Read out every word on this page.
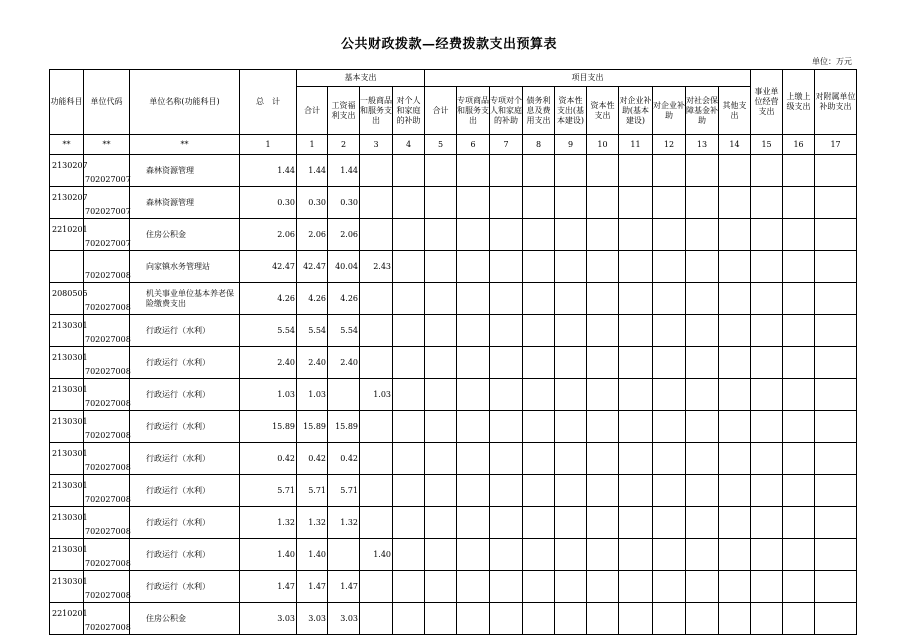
公共财政拨款—经费拨款支出预算表
单位：万元
功能科目	单位代码	单位名称(功能科目)	总　计	基本支出				项目支出										事业单位经营支出	上缴上级支出	对附属单位补助支出
				合计	工资福利支出	一般商品和服务支出	对个人和家庭的补助	合计	专项商品和服务支出	专项对个人和家庭的补助	债务利息及费用支出	资本性支出(基本建设)	资本性支出	对企业补助(基本建设)	对企业补助	对社会保障基金补助	其他支出			
**	**	**	1	1	2	3	4	5	6	7	8	9	10	11	12	13	14	15	16	17
2130207	702027007	森林资源管理	1.44	1.44	1.44															
2130207	702027007	森林资源管理	0.30	0.30	0.30															
2210201	702027007	住房公积金	2.06	2.06	2.06															
	702027008	向家镇水务管理站	42.47	42.47	40.04	2.43														
2080505	702027008	机关事业单位基本养老保险缴费支出	4.26	4.26	4.26															
2130301	702027008	行政运行（水利）	5.54	5.54	5.54															
2130301	702027008	行政运行（水利）	2.40	2.40	2.40															
2130301	702027008	行政运行（水利）	1.03	1.03		1.03														
2130301	702027008	行政运行（水利）	15.89	15.89	15.89															
2130301	702027008	行政运行（水利）	0.42	0.42	0.42															
2130301	702027008	行政运行（水利）	5.71	5.71	5.71															
2130301	702027008	行政运行（水利）	1.32	1.32	1.32															
2130301	702027008	行政运行（水利）	1.40	1.40		1.40														
2130301	702027008	行政运行（水利）	1.47	1.47	1.47															
2210201	702027008	住房公积金	3.03	3.03	3.03															
